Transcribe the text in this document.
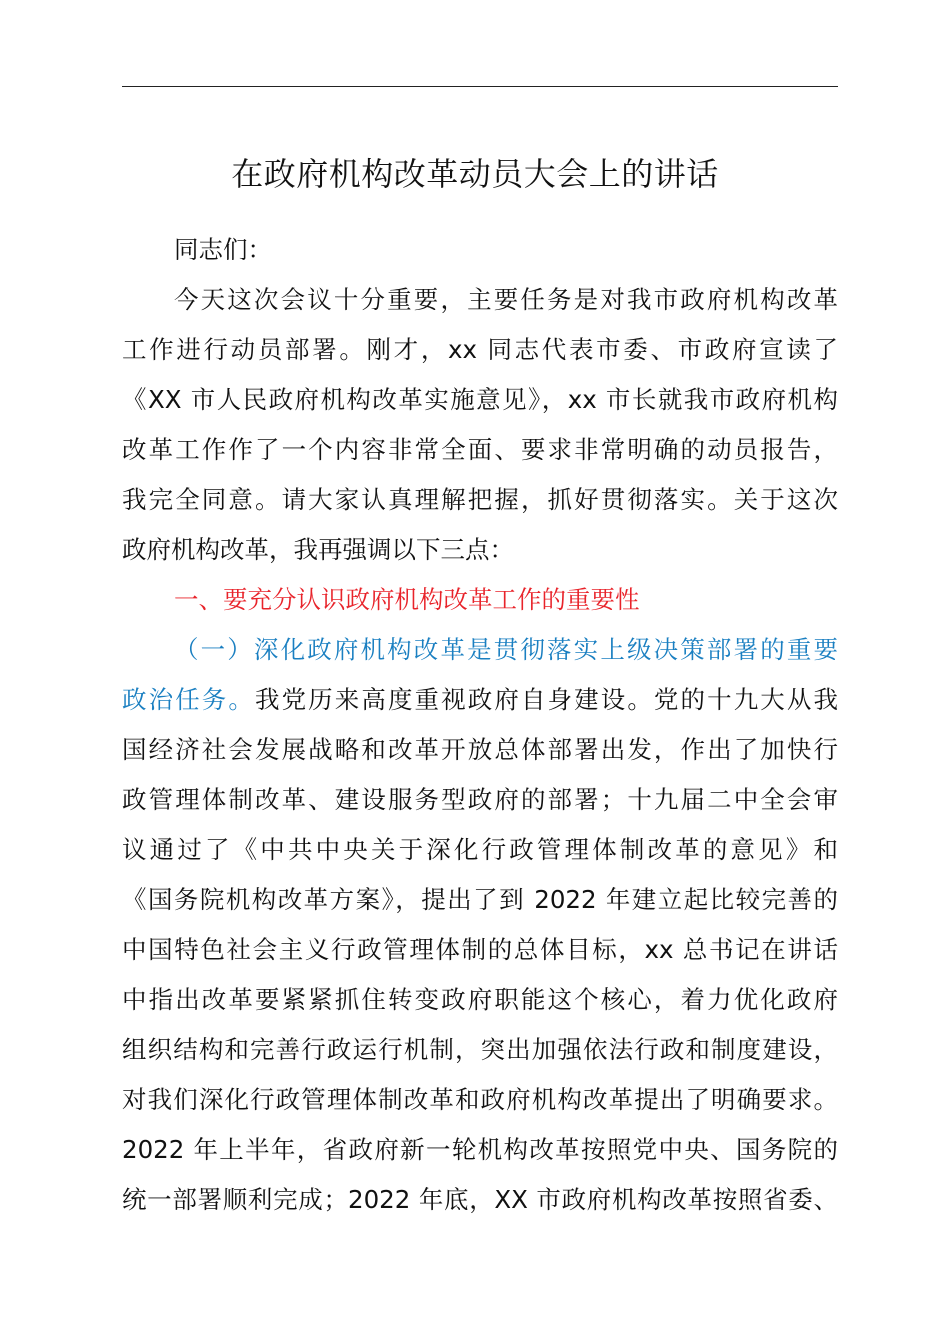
在政府机构改革动员大会上的讲话
同志们：
今天这次会议十分重要，主要任务是对我市政府机构改革
工作进行动员部署。刚才，xx 同志代表市委、市政府宣读了
《XX 市人民政府机构改革实施意见》，xx 市长就我市政府机构
改革工作作了一个内容非常全面、要求非常明确的动员报告，
我完全同意。请大家认真理解把握，抓好贯彻落实。关于这次
政府机构改革，我再强调以下三点：
一、要充分认识政府机构改革工作的重要性
（一）深化政府机构改革是贯彻落实上级决策部署的重要
政治任务。我党历来高度重视政府自身建设。党的十九大从我
国经济社会发展战略和改革开放总体部署出发，作出了加快行
政管理体制改革、建设服务型政府的部署；十九届二中全会审
议通过了《中共中央关于深化行政管理体制改革的意见》和
《国务院机构改革方案》，提出了到 2022 年建立起比较完善的
中国特色社会主义行政管理体制的总体目标，xx 总书记在讲话
中指出改革要紧紧抓住转变政府职能这个核心，着力优化政府
组织结构和完善行政运行机制，突出加强依法行政和制度建设，
对我们深化行政管理体制改革和政府机构改革提出了明确要求。
2022 年上半年，省政府新一轮机构改革按照党中央、国务院的
统一部署顺利完成；2022 年底，XX 市政府机构改革按照省委、
